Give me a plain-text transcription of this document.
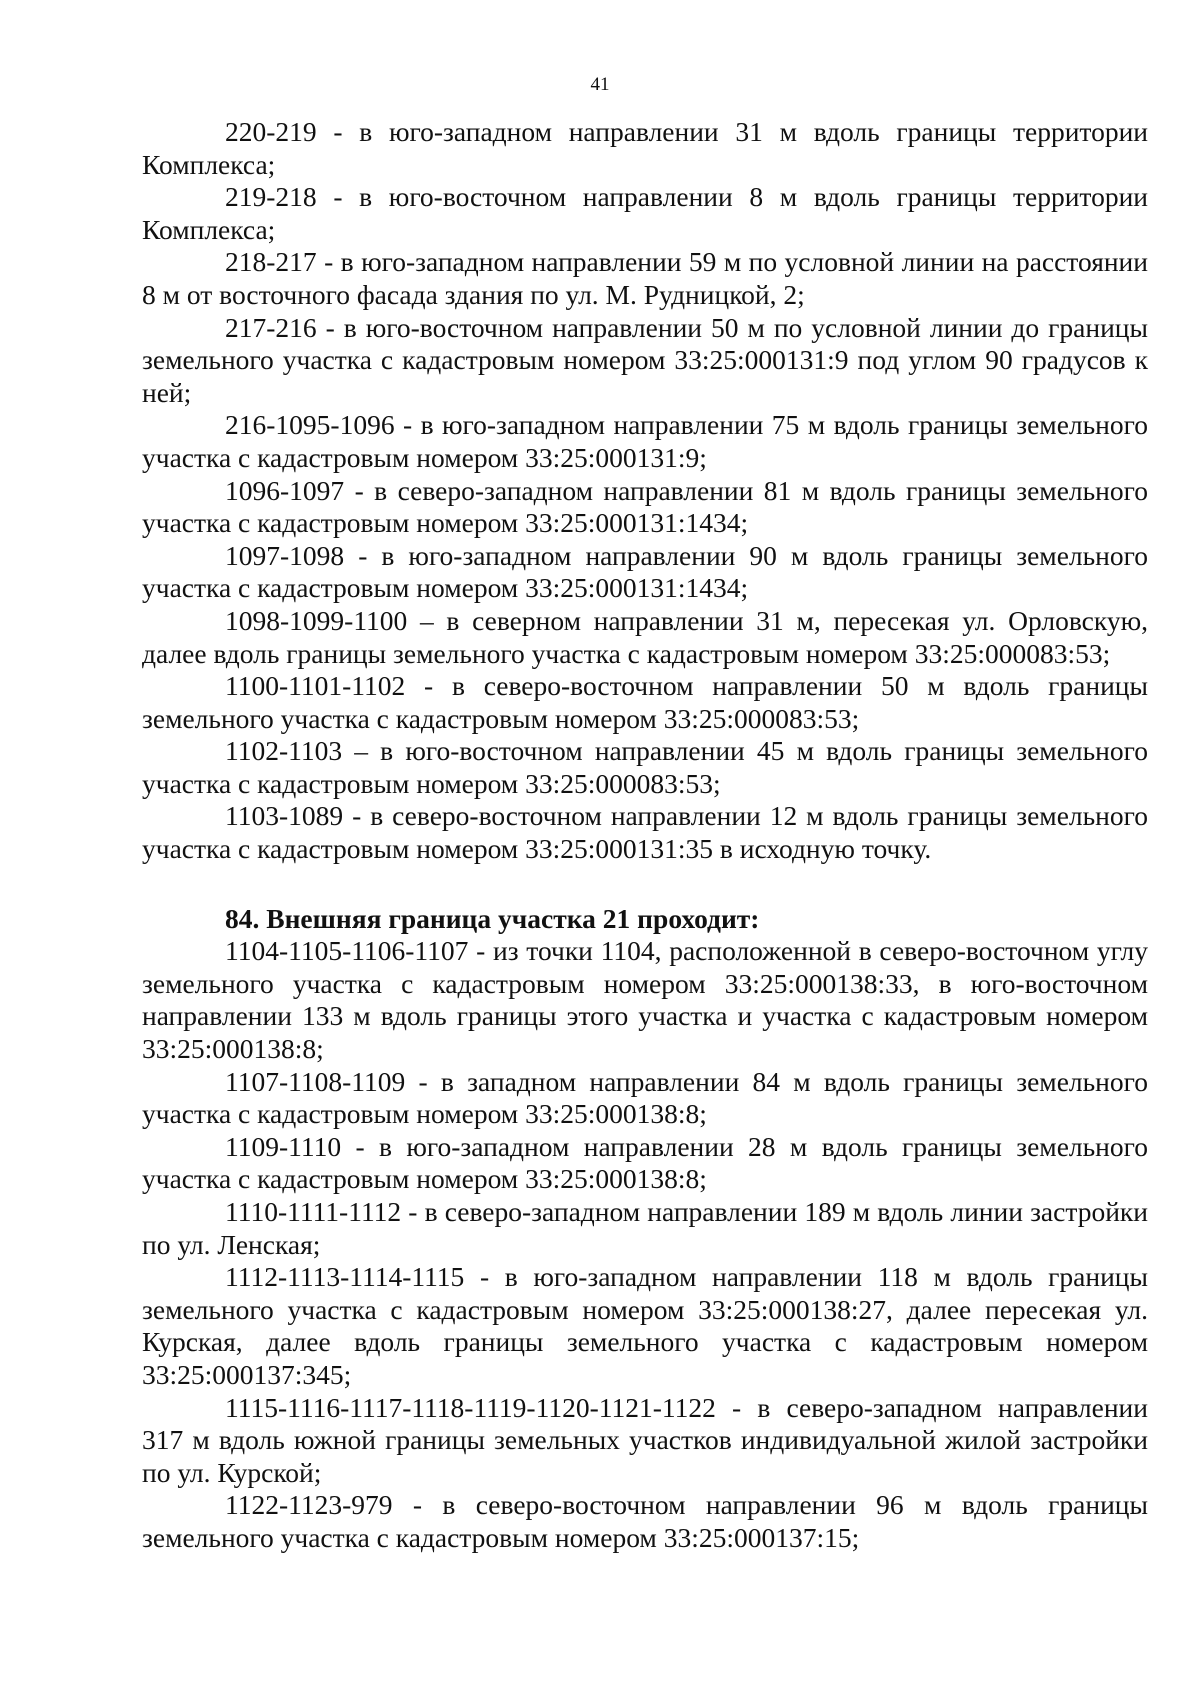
41

220-219 - в юго-западном направлении 31 м вдоль границы территории Комплекса;

219-218 - в юго-восточном направлении 8 м вдоль границы территории Комплекса;

218-217 - в юго-западном направлении 59 м по условной линии на расстоянии 8 м от восточного фасада здания по ул. М. Рудницкой, 2;

217-216 - в юго-восточном направлении 50 м по условной линии до границы земельного участка с кадастровым номером 33:25:000131:9 под углом 90 градусов к ней;

216-1095-1096 - в юго-западном направлении 75 м вдоль границы земельного участка с кадастровым номером 33:25:000131:9;

1096-1097 - в северо-западном направлении 81 м вдоль границы земельного участка с кадастровым номером 33:25:000131:1434;

1097-1098 - в юго-западном направлении 90 м вдоль границы земельного участка с кадастровым номером 33:25:000131:1434;

1098-1099-1100 – в северном направлении 31 м, пересекая ул. Орловскую, далее вдоль границы земельного участка с кадастровым номером 33:25:000083:53;

1100-1101-1102 - в северо-восточном направлении 50 м вдоль границы земельного участка с кадастровым номером 33:25:000083:53;

1102-1103 – в юго-восточном направлении 45 м вдоль границы земельного участка с кадастровым номером 33:25:000083:53;

1103-1089 - в северо-восточном направлении 12 м вдоль границы земельного участка с кадастровым номером 33:25:000131:35 в исходную точку.

84. Внешняя граница участка 21 проходит:

1104-1105-1106-1107 - из точки 1104, расположенной в северо-восточном углу земельного участка с кадастровым номером 33:25:000138:33, в юго-восточном направлении 133 м вдоль границы этого участка и участка с кадастровым номером 33:25:000138:8;

1107-1108-1109 - в западном направлении 84 м вдоль границы земельного участка с кадастровым номером 33:25:000138:8;

1109-1110 - в юго-западном направлении 28 м вдоль границы земельного участка с кадастровым номером 33:25:000138:8;

1110-1111-1112 - в северо-западном направлении 189 м вдоль линии застройки по ул. Ленская;

1112-1113-1114-1115 - в юго-западном направлении 118 м вдоль границы земельного участка с кадастровым номером 33:25:000138:27, далее пересекая ул. Курская, далее вдоль границы земельного участка с кадастровым номером 33:25:000137:345;

1115-1116-1117-1118-1119-1120-1121-1122 - в северо-западном направлении 317 м вдоль южной границы земельных участков индивидуальной жилой застройки по ул. Курской;

1122-1123-979 - в северо-восточном направлении 96 м вдоль границы земельного участка с кадастровым номером 33:25:000137:15;
